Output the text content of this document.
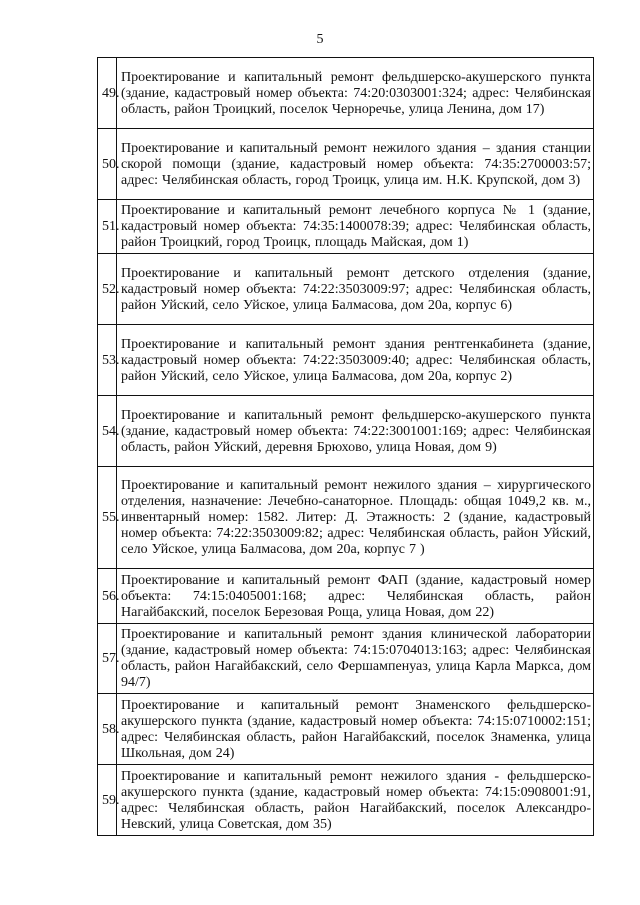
5
49.	Проектирование и капитальный ремонт фельдшерско-акушерского пункта (здание, кадастровый номер объекта: 74:20:0303001:324; адрес: Челябинская область, район Троицкий, поселок Черноречье, улица Ленина, дом 17)
50.	Проектирование и капитальный ремонт нежилого здания – здания станции скорой помощи (здание, кадастровый номер объекта: 74:35:2700003:57; адрес: Челябинская область, город Троицк, улица им. Н.К. Крупской, дом 3)
51.	Проектирование и капитальный ремонт лечебного корпуса № 1 (здание, кадастровый номер объекта: 74:35:1400078:39; адрес: Челябинская область, район Троицкий, город Троицк, площадь Майская, дом 1)
52.	Проектирование и капитальный ремонт детского отделения (здание, кадастровый номер объекта: 74:22:3503009:97; адрес: Челябинская область, район Уйский, село Уйское, улица Балмасова, дом 20а, корпус 6)
53.	Проектирование и капитальный ремонт здания рентгенкабинета (здание, кадастровый номер объекта: 74:22:3503009:40; адрес: Челябинская область, район Уйский, село Уйское, улица Балмасова, дом 20а, корпус 2)
54.	Проектирование и капитальный ремонт фельдшерско-акушерского пункта (здание, кадастровый номер объекта: 74:22:3001001:169; адрес: Челябинская область, район Уйский, деревня Брюхово, улица Новая, дом 9)
55.	Проектирование и капитальный ремонт нежилого здания – хирургического отделения, назначение: Лечебно-санаторное. Площадь: общая 1049,2 кв. м., инвентарный номер: 1582. Литер: Д. Этажность: 2 (здание, кадастровый номер объекта: 74:22:3503009:82; адрес: Челябинская область, район Уйский, село Уйское, улица Балмасова, дом 20а, корпус 7 )
56.	Проектирование и капитальный ремонт ФАП (здание, кадастровый номер объекта: 74:15:0405001:168; адрес: Челябинская область, район Нагайбакский, поселок Березовая Роща, улица Новая, дом 22)
57.	Проектирование и капитальный ремонт здания клинической лаборатории (здание, кадастровый номер объекта: 74:15:0704013:163; адрес: Челябинская область, район Нагайбакский, село Фершампенуаз, улица Карла Маркса, дом 94/7)
58.	Проектирование и капитальный ремонт Знаменского фельдшерско-акушерского пункта (здание, кадастровый номер объекта: 74:15:0710002:151; адрес: Челябинская область, район Нагайбакский, поселок Знаменка, улица Школьная, дом 24)
59.	Проектирование и капитальный ремонт нежилого здания - фельдшерско-акушерского пункта (здание, кадастровый номер объекта: 74:15:0908001:91, адрес: Челябинская область, район Нагайбакский, поселок Александро-Невский, улица Советская, дом 35)
